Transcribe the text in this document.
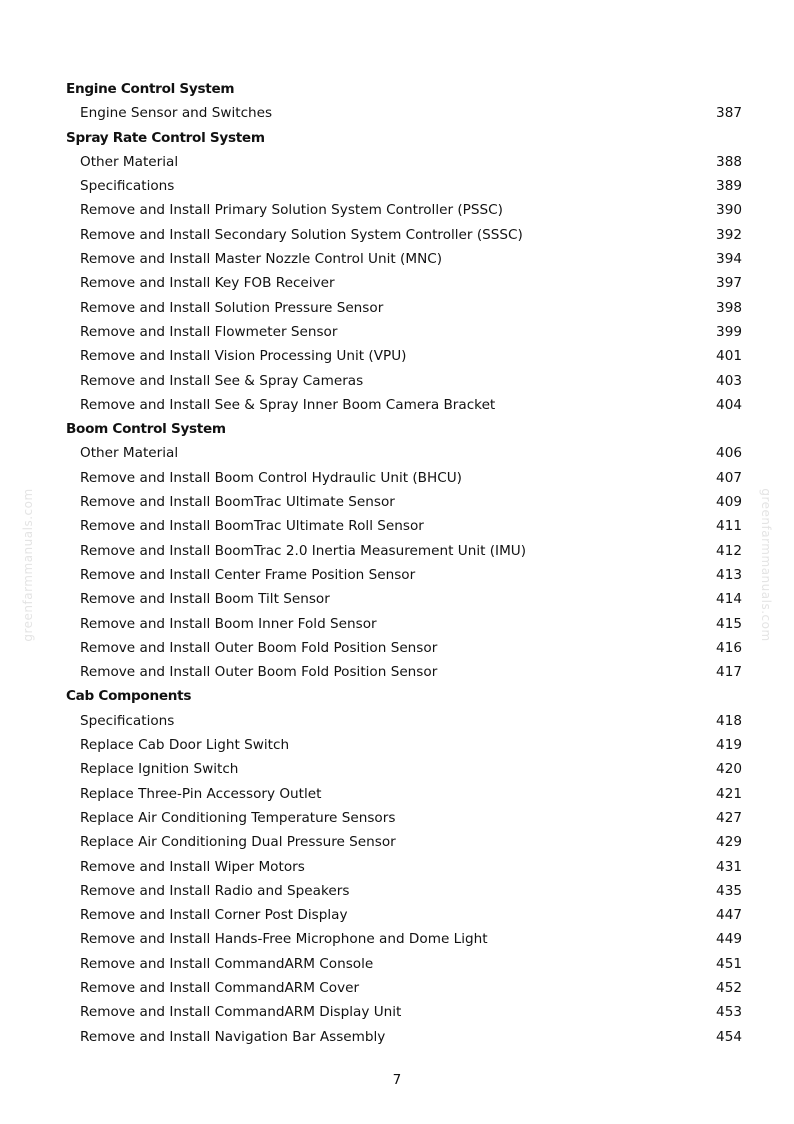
greenfarmmanuals.com	greenfarmmanuals.com
Engine Control System
Engine Sensor and Switches	387
Spray Rate Control System
Other Material	388
Specifications	389
Remove and Install Primary Solution System Controller (PSSC)	390
Remove and Install Secondary Solution System Controller (SSSC)	392
Remove and Install Master Nozzle Control Unit (MNC)	394
Remove and Install Key FOB Receiver	397
Remove and Install Solution Pressure Sensor	398
Remove and Install Flowmeter Sensor	399
Remove and Install Vision Processing Unit (VPU)	401
Remove and Install See & Spray Cameras	403
Remove and Install See & Spray Inner Boom Camera Bracket	404
Boom Control System
Other Material	406
Remove and Install Boom Control Hydraulic Unit (BHCU)	407
Remove and Install BoomTrac Ultimate Sensor	409
Remove and Install BoomTrac Ultimate Roll Sensor	411
Remove and Install BoomTrac 2.0 Inertia Measurement Unit (IMU)	412
Remove and Install Center Frame Position Sensor	413
Remove and Install Boom Tilt Sensor	414
Remove and Install Boom Inner Fold Sensor	415
Remove and Install Outer Boom Fold Position Sensor	416
Remove and Install Outer Boom Fold Position Sensor	417
Cab Components
Specifications	418
Replace Cab Door Light Switch	419
Replace Ignition Switch	420
Replace Three-Pin Accessory Outlet	421
Replace Air Conditioning Temperature Sensors	427
Replace Air Conditioning Dual Pressure Sensor	429
Remove and Install Wiper Motors	431
Remove and Install Radio and Speakers	435
Remove and Install Corner Post Display	447
Remove and Install Hands-Free Microphone and Dome Light	449
Remove and Install CommandARM Console	451
Remove and Install CommandARM Cover	452
Remove and Install CommandARM Display Unit	453
Remove and Install Navigation Bar Assembly	454
7
